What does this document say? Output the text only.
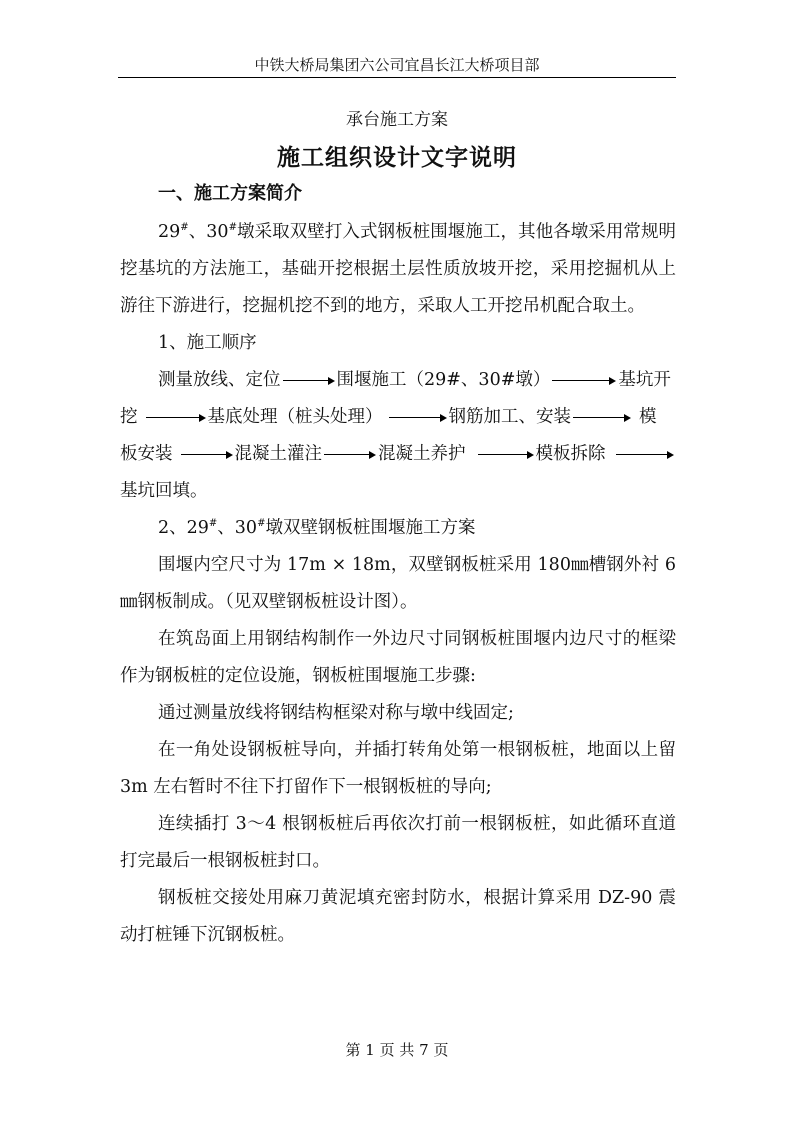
中铁大桥局集团六公司宜昌长江大桥项目部
承台施工方案
施工组织设计文字说明
一、施工方案简介

29#、30#墩采取双壁打入式钢板桩围堰施工，其他各墩采用常规明挖基坑的方法施工，基础开挖根据土层性质放坡开挖，采用挖掘机从上游往下游进行，挖掘机挖不到的地方，采取人工开挖吊机配合取土。

1、施工顺序

测量放线、定位	围堰施工（29#、30#墩）	基坑开
挖	基底处理（桩头处理）	钢筋加工、安装	模
板安装	混凝土灌注	混凝土养护	模板拆除
基坑回填。

2、29#、30#墩双壁钢板桩围堰施工方案

围堰内空尺寸为 17m × 18m，双壁钢板桩采用 180㎜槽钢外衬 6㎜钢板制成。（见双壁钢板桩设计图）。

在筑岛面上用钢结构制作一外边尺寸同钢板桩围堰内边尺寸的框梁作为钢板桩的定位设施，钢板桩围堰施工步骤:

通过测量放线将钢结构框梁对称与墩中线固定;

在一角处设钢板桩导向，并插打转角处第一根钢板桩，地面以上留 3m 左右暂时不往下打留作下一根钢板桩的导向;

连续插打 3～4 根钢板桩后再依次打前一根钢板桩，如此循环直道打完最后一根钢板桩封口。

钢板桩交接处用麻刀黄泥填充密封防水，根据计算采用 DZ-90 震动打桩锤下沉钢板桩。

第 1 页 共 7 页
